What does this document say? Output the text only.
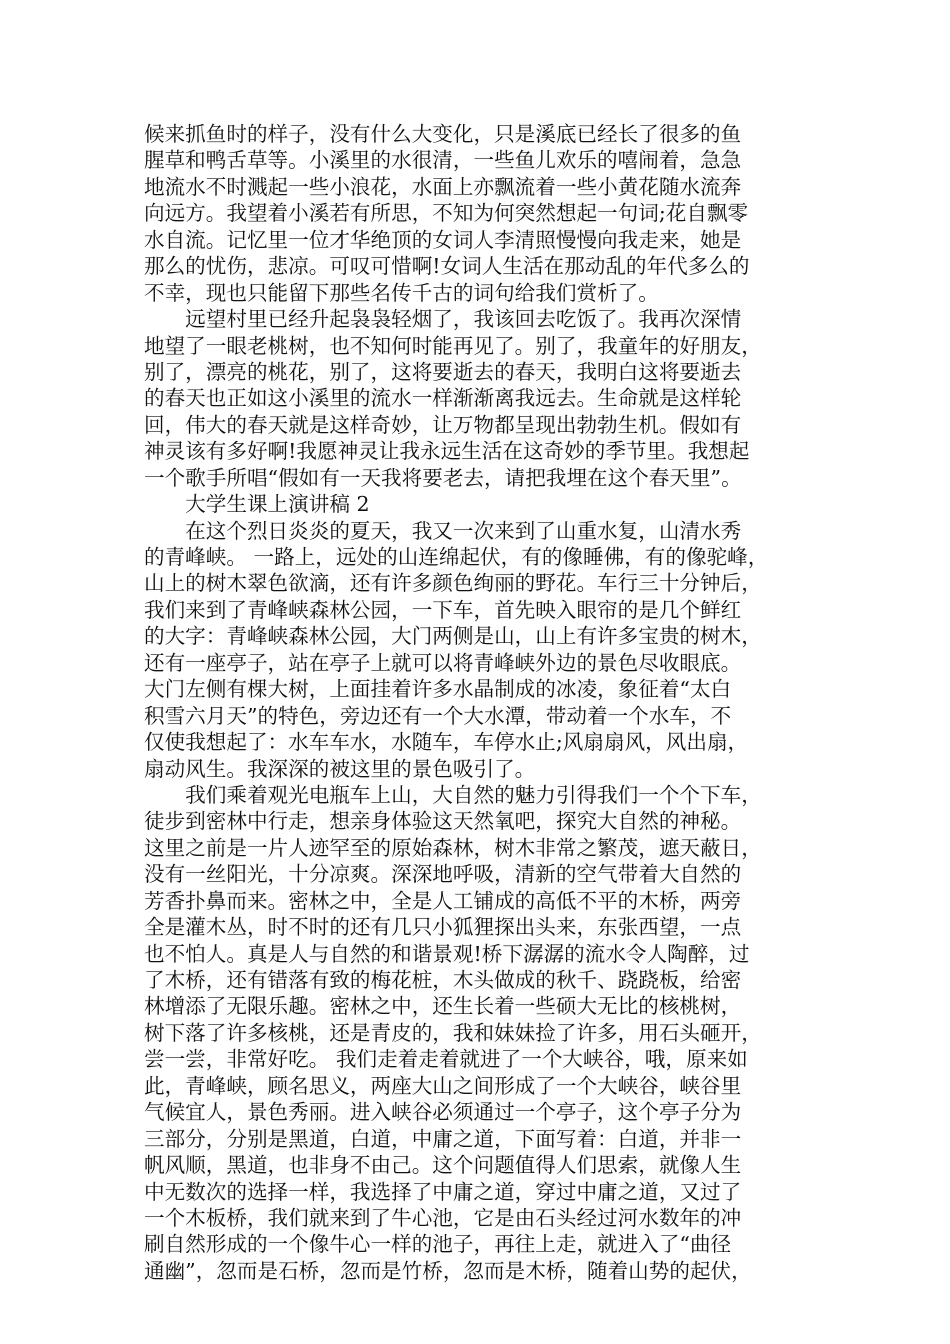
候来抓鱼时的样子，没有什么大变化，只是溪底已经长了很多的鱼
腥草和鸭舌草等。小溪里的水很清，一些鱼儿欢乐的嘻闹着，急急
地流水不时溅起一些小浪花，水面上亦飘流着一些小黄花随水流奔
向远方。我望着小溪若有所思，不知为何突然想起一句词;花自飘零
水自流。记忆里一位才华绝顶的女词人李清照慢慢向我走来，她是
那么的忧伤，悲凉。可叹可惜啊!女词人生活在那动乱的年代多么的
不幸，现也只能留下那些名传千古的词句给我们赏析了。
　　远望村里已经升起袅袅轻烟了，我该回去吃饭了。我再次深情
地望了一眼老桃树，也不知何时能再见了。别了，我童年的好朋友，
别了，漂亮的桃花，别了，这将要逝去的春天，我明白这将要逝去
的春天也正如这小溪里的流水一样渐渐离我远去。生命就是这样轮
回，伟大的春天就是这样奇妙，让万物都呈现出勃勃生机。假如有
神灵该有多好啊!我愿神灵让我永远生活在这奇妙的季节里。我想起
一个歌手所唱“假如有一天我将要老去，请把我埋在这个春天里”。
　　大学生课上演讲稿 2
　　在这个烈日炎炎的夏天，我又一次来到了山重水复，山清水秀
的青峰峡。 一路上，远处的山连绵起伏，有的像睡佛，有的像驼峰，
山上的树木翠色欲滴，还有许多颜色绚丽的野花。车行三十分钟后，
我们来到了青峰峡森林公园，一下车，首先映入眼帘的是几个鲜红
的大字：青峰峡森林公园，大门两侧是山，山上有许多宝贵的树木，
还有一座亭子，站在亭子上就可以将青峰峡外边的景色尽收眼底。
大门左侧有棵大树，上面挂着许多水晶制成的冰凌，象征着“太白
积雪六月天”的特色，旁边还有一个大水潭，带动着一个水车，不
仅使我想起了：水车车水，水随车，车停水止;风扇扇风，风出扇，
扇动风生。我深深的被这里的景色吸引了。
　　我们乘着观光电瓶车上山，大自然的魅力引得我们一个个下车，
徒步到密林中行走，想亲身体验这天然氧吧，探究大自然的神秘。
这里之前是一片人迹罕至的原始森林，树木非常之繁茂，遮天蔽日，
没有一丝阳光，十分凉爽。深深地呼吸，清新的空气带着大自然的
芳香扑鼻而来。密林之中，全是人工铺成的高低不平的木桥，两旁
全是灌木丛，时不时的还有几只小狐狸探出头来，东张西望，一点
也不怕人。真是人与自然的和谐景观!桥下潺潺的流水令人陶醉，过
了木桥，还有错落有致的梅花桩，木头做成的秋千、跷跷板，给密
林增添了无限乐趣。密林之中，还生长着一些硕大无比的核桃树，
树下落了许多核桃，还是青皮的，我和妹妹捡了许多，用石头砸开，
尝一尝，非常好吃。 我们走着走着就进了一个大峡谷，哦，原来如
此，青峰峡，顾名思义，两座大山之间形成了一个大峡谷，峡谷里
气候宜人，景色秀丽。进入峡谷必须通过一个亭子，这个亭子分为
三部分，分别是黑道，白道，中庸之道，下面写着：白道，并非一
帆风顺，黑道，也非身不由己。这个问题值得人们思索，就像人生
中无数次的选择一样，我选择了中庸之道，穿过中庸之道，又过了
一个木板桥，我们就来到了牛心池，它是由石头经过河水数年的冲
刷自然形成的一个像牛心一样的池子，再往上走，就进入了“曲径
通幽”，忽而是石桥，忽而是竹桥，忽而是木桥，随着山势的起伏，
